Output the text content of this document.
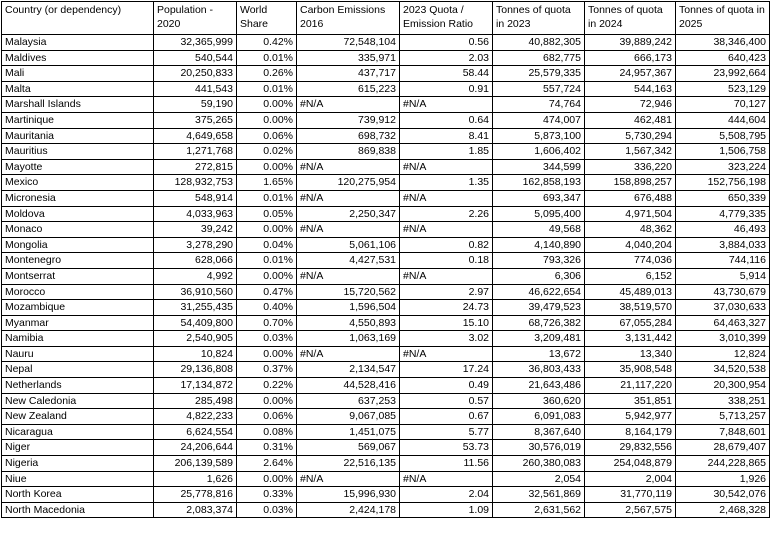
Country (or dependency)	Population - 2020	World Share	Carbon Emissions 2016	2023 Quota / Emission Ratio	Tonnes of quota in 2023	Tonnes of quota in 2024	Tonnes of quota in 2025
Malaysia	32,365,999	0.42%	72,548,104	0.56	40,882,305	39,889,242	38,346,400
Maldives	540,544	0.01%	335,971	2.03	682,775	666,173	640,423
Mali	20,250,833	0.26%	437,717	58.44	25,579,335	24,957,367	23,992,664
Malta	441,543	0.01%	615,223	0.91	557,724	544,163	523,129
Marshall Islands	59,190	0.00%	#N/A	#N/A	74,764	72,946	70,127
Martinique	375,265	0.00%	739,912	0.64	474,007	462,481	444,604
Mauritania	4,649,658	0.06%	698,732	8.41	5,873,100	5,730,294	5,508,795
Mauritius	1,271,768	0.02%	869,838	1.85	1,606,402	1,567,342	1,506,758
Mayotte	272,815	0.00%	#N/A	#N/A	344,599	336,220	323,224
Mexico	128,932,753	1.65%	120,275,954	1.35	162,858,193	158,898,257	152,756,198
Micronesia	548,914	0.01%	#N/A	#N/A	693,347	676,488	650,339
Moldova	4,033,963	0.05%	2,250,347	2.26	5,095,400	4,971,504	4,779,335
Monaco	39,242	0.00%	#N/A	#N/A	49,568	48,362	46,493
Mongolia	3,278,290	0.04%	5,061,106	0.82	4,140,890	4,040,204	3,884,033
Montenegro	628,066	0.01%	4,427,531	0.18	793,326	774,036	744,116
Montserrat	4,992	0.00%	#N/A	#N/A	6,306	6,152	5,914
Morocco	36,910,560	0.47%	15,720,562	2.97	46,622,654	45,489,013	43,730,679
Mozambique	31,255,435	0.40%	1,596,504	24.73	39,479,523	38,519,570	37,030,633
Myanmar	54,409,800	0.70%	4,550,893	15.10	68,726,382	67,055,284	64,463,327
Namibia	2,540,905	0.03%	1,063,169	3.02	3,209,481	3,131,442	3,010,399
Nauru	10,824	0.00%	#N/A	#N/A	13,672	13,340	12,824
Nepal	29,136,808	0.37%	2,134,547	17.24	36,803,433	35,908,548	34,520,538
Netherlands	17,134,872	0.22%	44,528,416	0.49	21,643,486	21,117,220	20,300,954
New Caledonia	285,498	0.00%	637,253	0.57	360,620	351,851	338,251
New Zealand	4,822,233	0.06%	9,067,085	0.67	6,091,083	5,942,977	5,713,257
Nicaragua	6,624,554	0.08%	1,451,075	5.77	8,367,640	8,164,179	7,848,601
Niger	24,206,644	0.31%	569,067	53.73	30,576,019	29,832,556	28,679,407
Nigeria	206,139,589	2.64%	22,516,135	11.56	260,380,083	254,048,879	244,228,865
Niue	1,626	0.00%	#N/A	#N/A	2,054	2,004	1,926
North Korea	25,778,816	0.33%	15,996,930	2.04	32,561,869	31,770,119	30,542,076
North Macedonia	2,083,374	0.03%	2,424,178	1.09	2,631,562	2,567,575	2,468,328
